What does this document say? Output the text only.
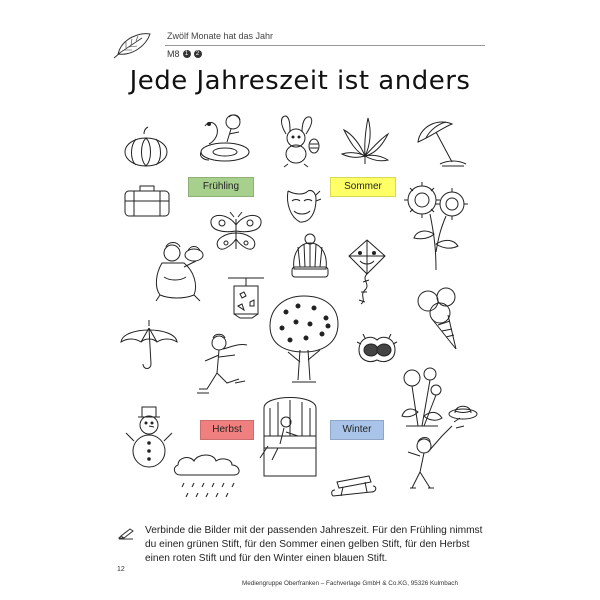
Zwölf Monate hat das Jahr
M8 1	2
Jede Jahreszeit ist anders
Frühling	Sommer
Herbst	Winter
Verbinde die Bilder mit der passenden Jahreszeit. Für den Frühling nimmst du einen grünen Stift, für den Sommer einen gelben Stift, für den Herbst einen roten Stift und für den Winter einen blauen Stift.
12
Mediengruppe Oberfranken – Fachverlage GmbH & Co.KG, 95326 Kulmbach
